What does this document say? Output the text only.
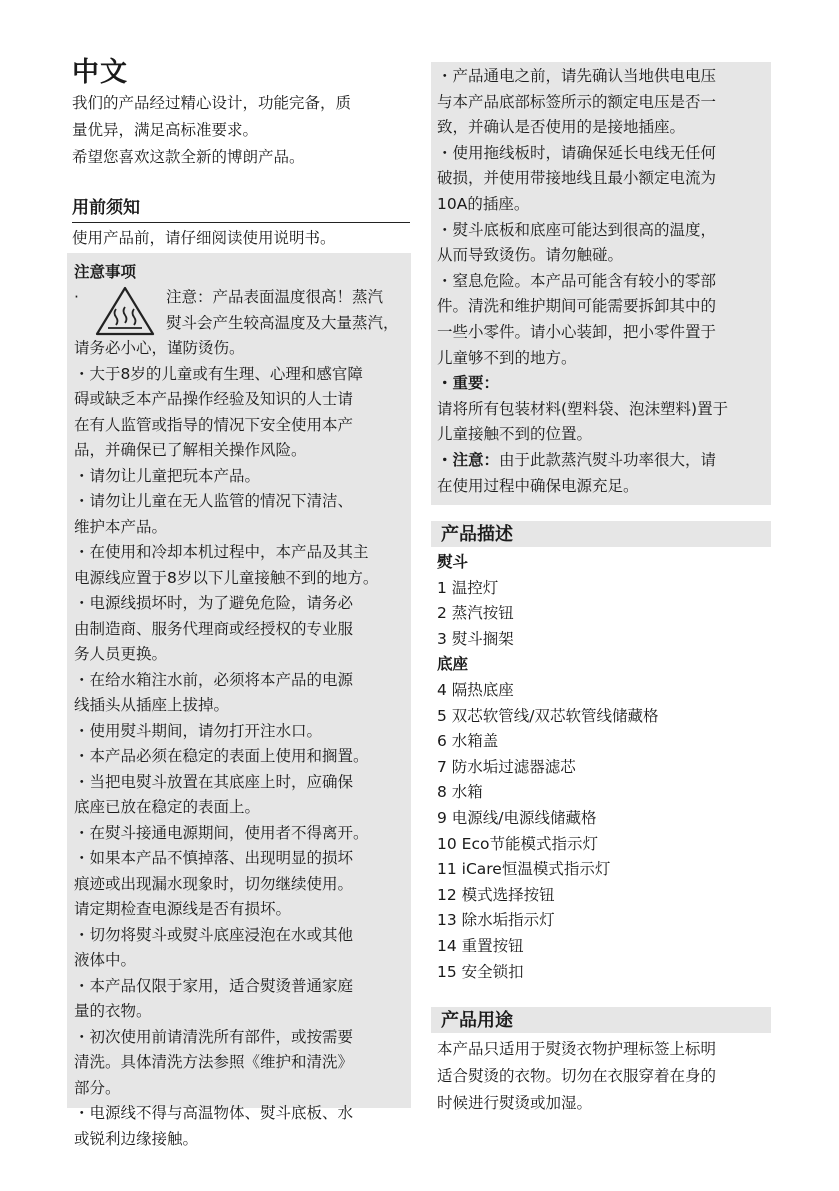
中文

我们的产品经过精心设计，功能完备，质

量优异，满足高标准要求。

希望您喜欢这款全新的博朗产品。

用前须知

使用产品前，请仔细阅读使用说明书。

注意事项

·	注意：产品表面温度很高！蒸汽
熨斗会产生较高温度及大量蒸汽，

请务必小心，谨防烫伤。

・大于8岁的儿童或有生理、心理和感官障

碍或缺乏本产品操作经验及知识的人士请

在有人监管或指导的情况下安全使用本产

品，并确保已了解相关操作风险。

・请勿让儿童把玩本产品。

・请勿让儿童在无人监管的情况下清洁、

维护本产品。

・在使用和冷却本机过程中，本产品及其主

电源线应置于8岁以下儿童接触不到的地方。

・电源线损坏时，为了避免危险，请务必

由制造商、服务代理商或经授权的专业服

务人员更换。

・在给水箱注水前，必须将本产品的电源

线插头从插座上拔掉。

・使用熨斗期间，请勿打开注水口。

・本产品必须在稳定的表面上使用和搁置。

・当把电熨斗放置在其底座上时，应确保

底座已放在稳定的表面上。

・在熨斗接通电源期间，使用者不得离开。

・如果本产品不慎掉落、出现明显的损坏

痕迹或出现漏水现象时，切勿继续使用。

请定期检查电源线是否有损坏。

・切勿将熨斗或熨斗底座浸泡在水或其他

液体中。

・本产品仅限于家用，适合熨烫普通家庭

量的衣物。

・初次使用前请清洗所有部件，或按需要

清洗。具体清洗方法参照《维护和清洗》

部分。

・电源线不得与高温物体、熨斗底板、水

或锐利边缘接触。

・产品通电之前，请先确认当地供电电压

与本产品底部标签所示的额定电压是否一

致，并确认是否使用的是接地插座。

・使用拖线板时，请确保延长电线无任何

破损，并使用带接地线且最小额定电流为

10A的插座。

・熨斗底板和底座可能达到很高的温度，

从而导致烫伤。请勿触碰。

・窒息危险。本产品可能含有较小的零部

件。清洗和维护期间可能需要拆卸其中的

一些小零件。请小心装卸，把小零件置于

儿童够不到的地方。

・重要：

请将所有包装材料(塑料袋、泡沫塑料)置于

儿童接触不到的位置。

・注意：由于此款蒸汽熨斗功率很大，请

在使用过程中确保电源充足。

产品描述

熨斗

1 温控灯

2 蒸汽按钮

3 熨斗搁架

底座

4 隔热底座

5 双芯软管线/双芯软管线储藏格

6 水箱盖

7 防水垢过滤器滤芯

8 水箱

9 电源线/电源线储藏格

10 Eco节能模式指示灯

11 iCare恒温模式指示灯

12 模式选择按钮

13 除水垢指示灯

14 重置按钮

15 安全锁扣

产品用途

本产品只适用于熨烫衣物护理标签上标明

适合熨烫的衣物。切勿在衣服穿着在身的

时候进行熨烫或加湿。
